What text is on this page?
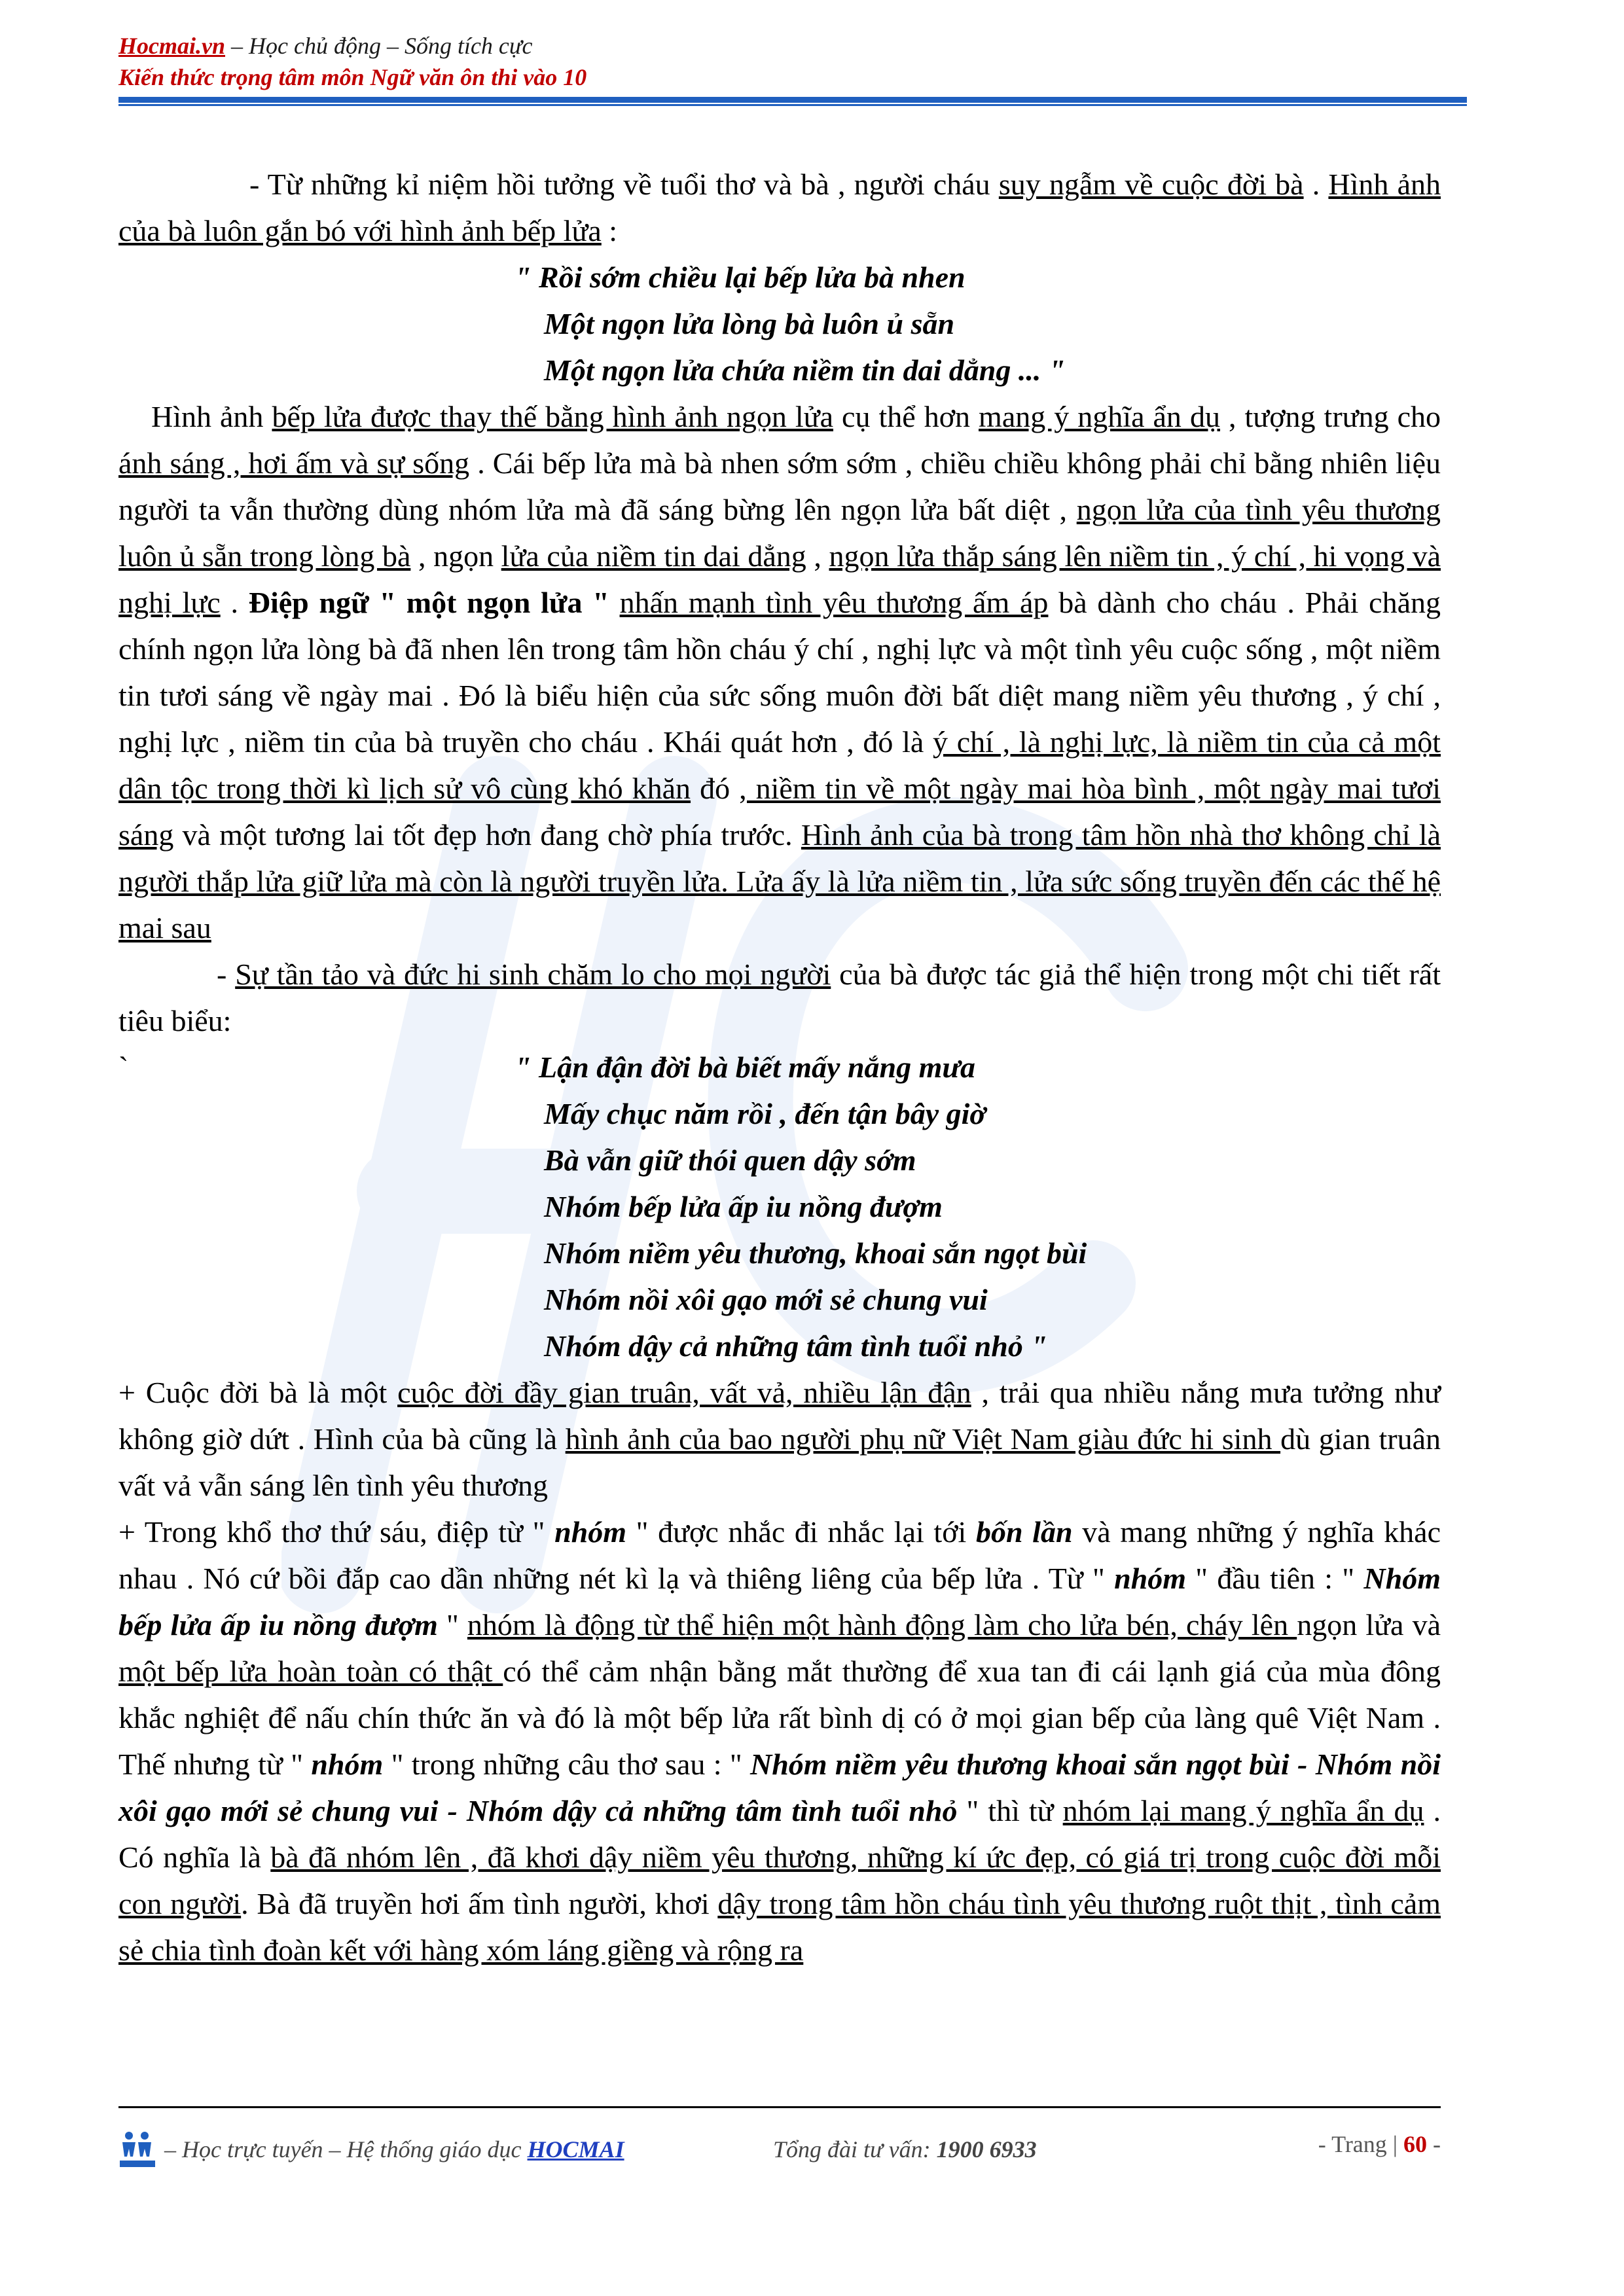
Hocmai.vn – Học chủ động – Sống tích cực
Kiến thức trọng tâm môn Ngữ văn ôn thi vào 10

- Từ những kỉ niệm hồi tưởng về tuổi thơ và bà , người cháu suy ngẫm về cuộc đời bà . Hình ảnh của bà luôn gắn bó với hình ảnh bếp lửa :

" Rồi sớm chiều lại bếp lửa bà nhen
Một ngọn lửa lòng bà luôn ủ sẵn
Một ngọn lửa chứa niềm tin dai dẳng ... "

Hình ảnh bếp lửa được thay thế bằng hình ảnh ngọn lửa cụ thể hơn mang ý nghĩa ẩn dụ , tượng trưng cho ánh sáng , hơi ấm và sự sống . Cái bếp lửa mà bà nhen sớm sớm , chiều chiều không phải chỉ bằng nhiên liệu người ta vẫn thường dùng nhóm lửa mà đã sáng bừng lên ngọn lửa bất diệt , ngọn lửa của tình yêu thương luôn ủ sẵn trong lòng bà , ngọn lửa của niềm tin dai dẳng , ngọn lửa thắp sáng lên niềm tin , ý chí , hi vọng và nghị lực . Điệp ngữ " một ngọn lửa " nhấn mạnh tình yêu thương ấm áp bà dành cho cháu . Phải chăng chính ngọn lửa lòng bà đã nhen lên trong tâm hồn cháu ý chí , nghị lực và một tình yêu cuộc sống , một niềm tin tươi sáng về ngày mai . Đó là biểu hiện của sức sống muôn đời bất diệt mang niềm yêu thương , ý chí , nghị lực , niềm tin của bà truyền cho cháu . Khái quát hơn , đó là ý chí , là nghị lực, là niềm tin của cả một dân tộc trong thời kì lịch sử vô cùng khó khăn đó , niềm tin về một ngày mai hòa bình , một ngày mai tươi sáng và một tương lai tốt đẹp hơn đang chờ phía trước. Hình ảnh của bà trong tâm hồn nhà thơ không chỉ là người thắp lửa giữ lửa mà còn là người truyền lửa. Lửa ấy là lửa niềm tin , lửa sức sống truyền đến các thế hệ mai sau

- Sự tần tảo và đức hi sinh chăm lo cho mọi người của bà được tác giả thể hiện trong một chi tiết rất tiêu biểu:

`	" Lận đận đời bà biết mấy nắng mưa
Mấy chục năm rồi , đến tận bây giờ
Bà vẫn giữ thói quen dậy sớm
Nhóm bếp lửa ấp iu nồng đượm
Nhóm niềm yêu thương, khoai sắn ngọt bùi
Nhóm nồi xôi gạo mới sẻ chung vui
Nhóm dậy cả những tâm tình tuổi nhỏ "

+ Cuộc đời bà là một cuộc đời đầy gian truân, vất vả, nhiều lận đận , trải qua nhiều nắng mưa tưởng như không giờ dứt . Hình của bà cũng là hình ảnh của bao người phụ nữ Việt Nam giàu đức hi sinh dù gian truân vất vả vẫn sáng lên tình yêu thương

+ Trong khổ thơ thứ sáu, điệp từ " nhóm " được nhắc đi nhắc lại tới bốn lần và mang những ý nghĩa khác nhau . Nó cứ bồi đắp cao dần những nét kì lạ và thiêng liêng của bếp lửa . Từ " nhóm " đầu tiên : " Nhóm bếp lửa ấp iu nồng đượm " nhóm là động từ thể hiện một hành động làm cho lửa bén, cháy lên ngọn lửa và một bếp lửa hoàn toàn có thật có thể cảm nhận bằng mắt thường để xua tan đi cái lạnh giá của mùa đông khắc nghiệt để nấu chín thức ăn và đó là một bếp lửa rất bình dị có ở mọi gian bếp của làng quê Việt Nam . Thế nhưng từ " nhóm " trong những câu thơ sau : " Nhóm niềm yêu thương khoai sắn ngọt bùi - Nhóm nồi xôi gạo mới sẻ chung vui - Nhóm dậy cả những tâm tình tuổi nhỏ " thì từ nhóm lại mang ý nghĩa ẩn dụ . Có nghĩa là bà đã nhóm lên , đã khơi dậy niềm yêu thương, những kí ức đẹp, có giá trị trong cuộc đời mỗi con người. Bà đã truyền hơi ấm tình người, khơi dậy trong tâm hồn cháu tình yêu thương ruột thịt , tình cảm sẻ chia tình đoàn kết với hàng xóm láng giềng và rộng ra

– Học trực tuyến – Hệ thống giáo dục HOCMAI	Tổng đài tư vấn: 1900 6933	- Trang | 60 -
